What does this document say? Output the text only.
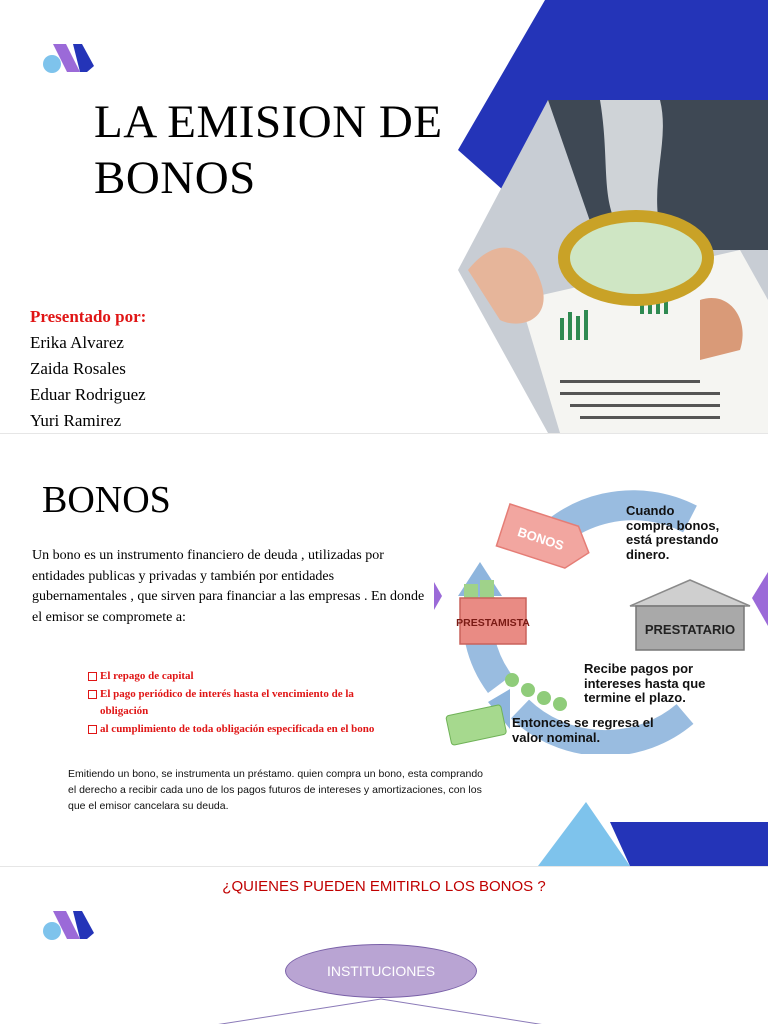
LA EMISION DE
BONOS
Presentado por:
Erika Alvarez
Zaida Rosales
Eduar Rodriguez
Yuri Ramirez
BONOS
PRESTAMISTA	PRESTATARIO
Cuando
compra bonos,
está prestando
dinero.
Recibe pagos por
intereses hasta que
termine el plazo.
Entonces se regresa el
valor nominal.
BONOS
Un bono es un instrumento financiero de deuda , utilizadas por entidades publicas y privadas y también por entidades gubernamentales , que sirven para financiar a las empresas . En donde el emisor se compromete a:
El repago de capital
El pago periódico de interés hasta el vencimiento de la
obligación
al cumplimiento de toda obligación especificada en el bono
Emitiendo un bono, se instrumenta un préstamo. quien compra un bono, esta comprando el derecho a recibir cada uno de los pagos futuros de intereses y amortizaciones, con los que el emisor cancelara su deuda.
¿QUIENES PUEDEN EMITIRLO LOS BONOS ?
INSTITUCIONES
